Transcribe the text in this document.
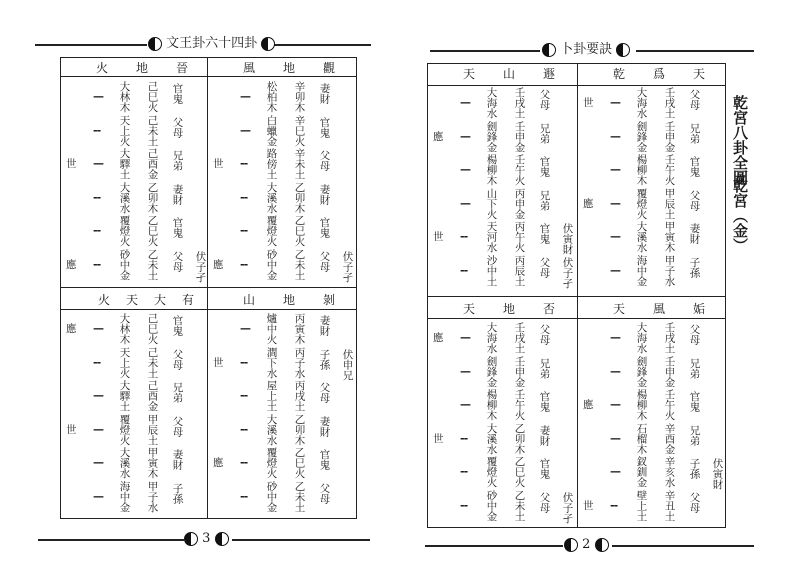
文王卦六十四卦
3
卜卦要訣
乾宮八卦全圖
乾宮（金）
2
火 地 晉
— 大林木 己巳火 官鬼
-- 天上火 己未土 父母
世 — 大驛土 己酉金 兄弟
-- 大溪水 乙卯木 妻財
-- 覆燈火 乙巳火 官鬼
應 -- 砂中金 乙未土 父母 伏子孑
風 地 觀
— 松柏木 辛卯木 妻財
— 白蠟金 辛巳火 官鬼
世 -- 路傍土 辛未土 父母
-- 大溪水 乙卯木 妻財
-- 覆燈火 乙巳火 官鬼
應 -- 砂中金 乙未土 父母 伏子孑
火 天 大 有
應 — 大林木 己巳火 官鬼
-- 天上火 己未土 父母
— 大驛土 己酉金 兄弟
世 — 覆燈火 甲辰土 父母
— 大溪水 甲寅木 妻財
— 海中金 甲子水 子孫
山 地 剝
— 爐中火 丙寅木 妻財
世 -- 澗下水 丙子水 子孫 伏申兄
-- 屋上土 丙戌土 父母
-- 大溪水 乙卯木 妻財
應 -- 覆燈火 乙巳火 官鬼
-- 砂中金 乙未土 父母
天 山 遯
— 大海水 壬戌土 父母
應 — 劍鋒金 壬申金 兄弟
— 楊柳木 壬午火 官鬼
— 山下火 丙申金 兄弟
世 -- 天河水 丙午火 官鬼 伏寅財
-- 沙中土 丙辰土 父母 伏子孑
乾 爲 天
世 — 大海水 壬戌土 父母
— 劍鋒金 壬申金 兄弟
— 楊柳木 壬午火 官鬼
應 — 覆燈火 甲辰土 父母
— 大溪水 甲寅木 妻財
— 海中金 甲子水 子孫
天 地 否
應 — 大海水 壬戌土 父母
— 劍鋒金 壬申金 兄弟
— 楊柳木 壬午火 官鬼
世 -- 大溪水 乙卯木 妻財
-- 覆燈火 乙巳火 官鬼
-- 砂中金 乙未土 父母 伏子孑
天 風 姤
— 大海水 壬戌土 父母
— 劍鋒金 壬申金 兄弟
應 — 楊柳木 壬午火 官鬼
— 石榴木 辛酉金 兄弟
— 釵釧金 辛亥水 子孫 伏寅財
世 -- 壁上土 辛丑土 父母
